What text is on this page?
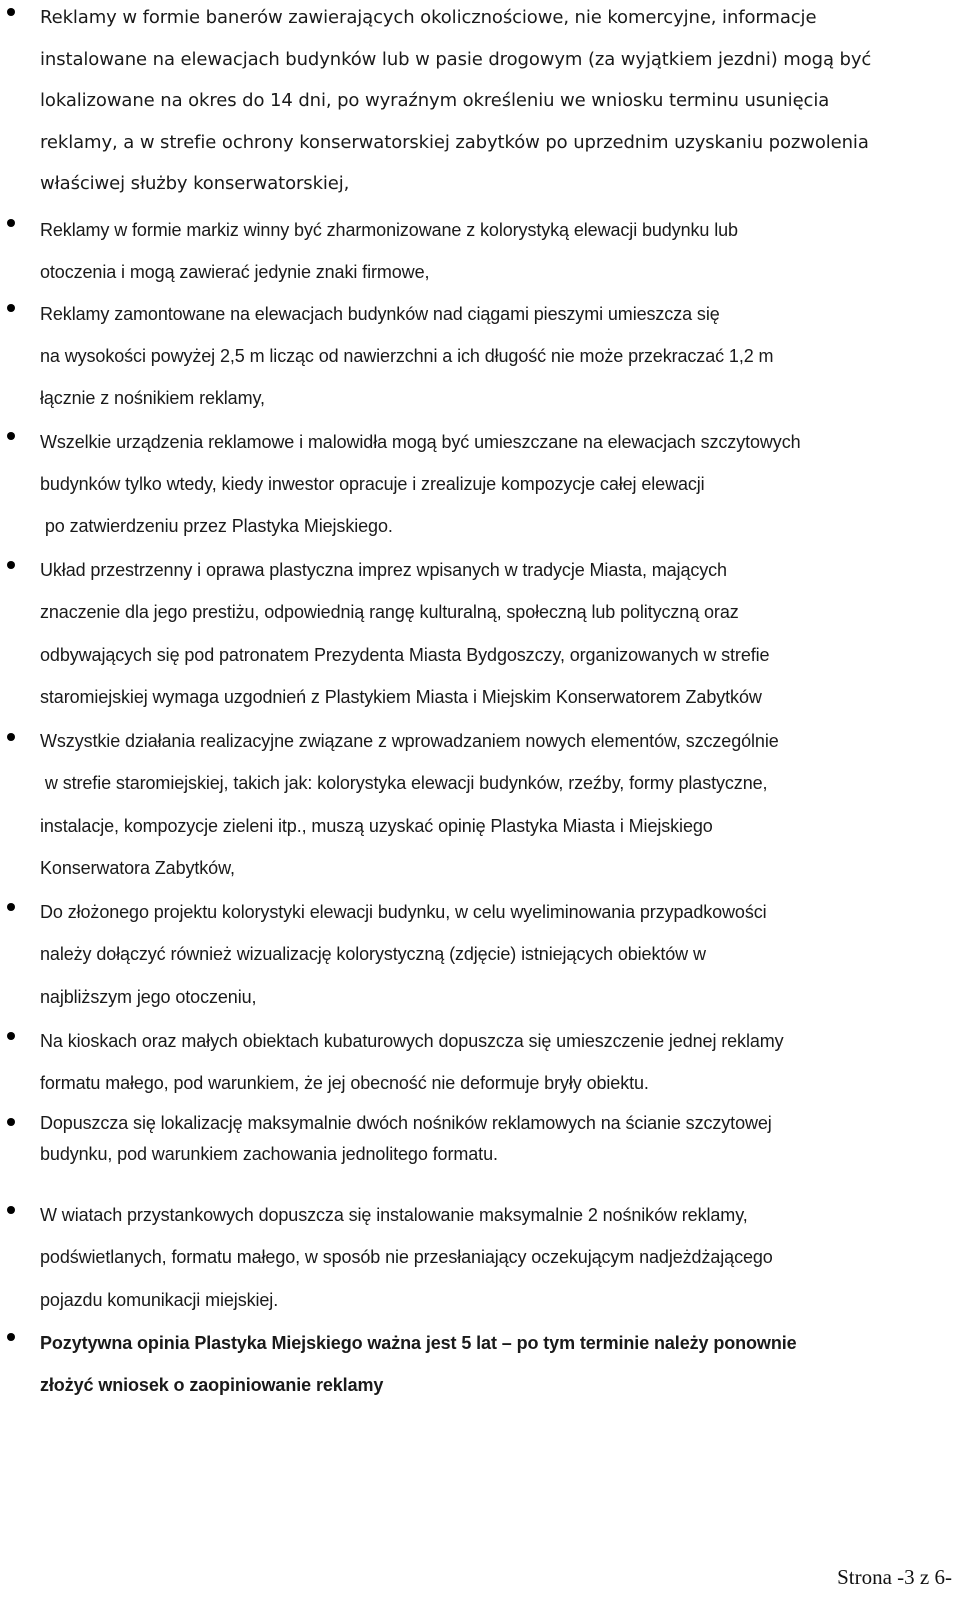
Reklamy w formie banerów zawierających okolicznościowe, nie komercyjne, informacje
instalowane na elewacjach budynków lub w pasie drogowym (za wyjątkiem jezdni) mogą być
lokalizowane na okres do 14 dni, po wyraźnym określeniu we wniosku terminu usunięcia
reklamy, a w strefie ochrony konserwatorskiej zabytków po uprzednim uzyskaniu pozwolenia
właściwej służby konserwatorskiej,
Reklamy w formie markiz winny być zharmonizowane z kolorystyką elewacji budynku lub
otoczenia i mogą zawierać jedynie znaki firmowe,
Reklamy zamontowane na elewacjach budynków nad ciągami pieszymi umieszcza się
na wysokości powyżej 2,5 m licząc od nawierzchni a ich długość nie może przekraczać 1,2 m
łącznie z nośnikiem reklamy,
Wszelkie urządzenia reklamowe i malowidła mogą być umieszczane na elewacjach szczytowych
budynków tylko wtedy, kiedy inwestor opracuje i zrealizuje kompozycje całej elewacji
po zatwierdzeniu przez Plastyka Miejskiego.
Układ przestrzenny i oprawa plastyczna imprez wpisanych w tradycje Miasta, mających
znaczenie dla jego prestiżu, odpowiednią rangę kulturalną, społeczną lub polityczną oraz
odbywających się pod patronatem Prezydenta Miasta Bydgoszczy, organizowanych w strefie
staromiejskiej wymaga uzgodnień z Plastykiem Miasta i Miejskim Konserwatorem Zabytków
Wszystkie działania realizacyjne związane z wprowadzaniem nowych elementów, szczególnie
w strefie staromiejskiej, takich jak: kolorystyka elewacji budynków, rzeźby, formy plastyczne,
instalacje, kompozycje zieleni itp., muszą uzyskać opinię Plastyka Miasta i Miejskiego
Konserwatora Zabytków,
Do złożonego projektu kolorystyki elewacji budynku, w celu wyeliminowania przypadkowości
należy dołączyć również wizualizację kolorystyczną (zdjęcie) istniejących obiektów w
najbliższym jego otoczeniu,
Na kioskach oraz małych obiektach kubaturowych dopuszcza się umieszczenie jednej reklamy
formatu małego, pod warunkiem, że jej obecność nie deformuje bryły obiektu.
Dopuszcza się lokalizację maksymalnie dwóch nośników reklamowych na ścianie szczytowej
budynku, pod warunkiem zachowania jednolitego formatu.
W wiatach przystankowych dopuszcza się instalowanie maksymalnie 2 nośników reklamy,
podświetlanych, formatu małego, w sposób nie przesłaniający oczekującym nadjeżdżającego
pojazdu komunikacji miejskiej.
Pozytywna opinia Plastyka Miejskiego ważna jest 5 lat – po tym terminie należy ponownie
złożyć wniosek o zaopiniowanie reklamy
Strona -3 z 6-
